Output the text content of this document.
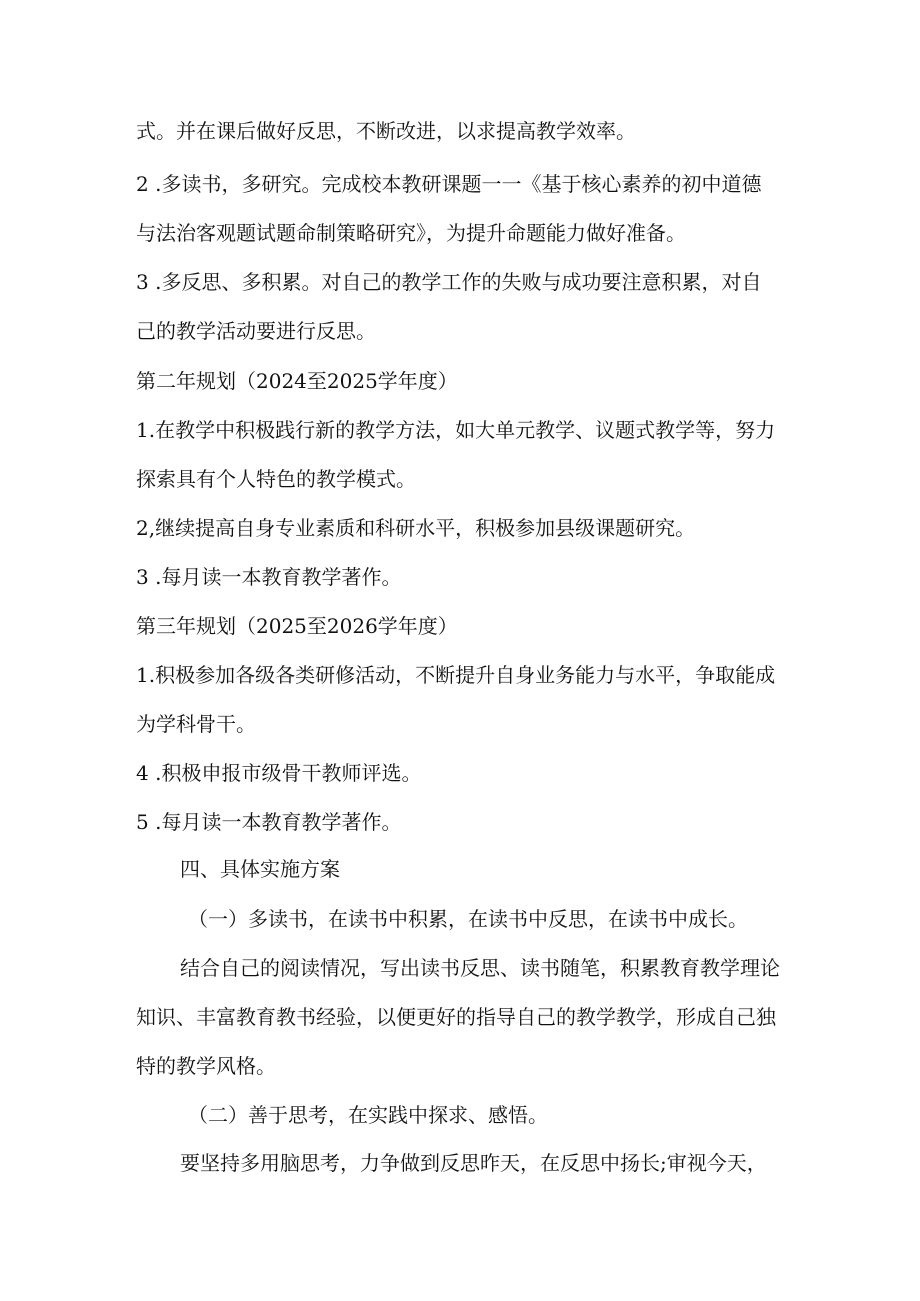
式。并在课后做好反思，不断改进，以求提高教学效率。
2 .多读书，多研究。完成校本教研课题一一《基于核心素养的初中道德
与法治客观题试题命制策略研究》，为提升命题能力做好准备。
3 .多反思、多积累。对自己的教学工作的失败与成功要注意积累，对自
己的教学活动要进行反思。
第二年规划（2024至2025学年度）
1.在教学中积极践行新的教学方法，如大单元教学、议题式教学等，努力
探索具有个人特色的教学模式。
2,继续提高自身专业素质和科研水平，积极参加县级课题研究。
3 .每月读一本教育教学著作。
第三年规划（2025至2026学年度）
1.积极参加各级各类研修活动，不断提升自身业务能力与水平，争取能成
为学科骨干。
4 .积极申报市级骨干教师评选。
5 .每月读一本教育教学著作。
四、具体实施方案
（一）多读书，在读书中积累，在读书中反思，在读书中成长。
结合自己的阅读情况，写出读书反思、读书随笔，积累教育教学理论
知识、丰富教育教书经验，以便更好的指导自己的教学教学，形成自己独
特的教学风格。
（二）善于思考，在实践中探求、感悟。
要坚持多用脑思考，力争做到反思昨天，在反思中扬长;审视今天，
